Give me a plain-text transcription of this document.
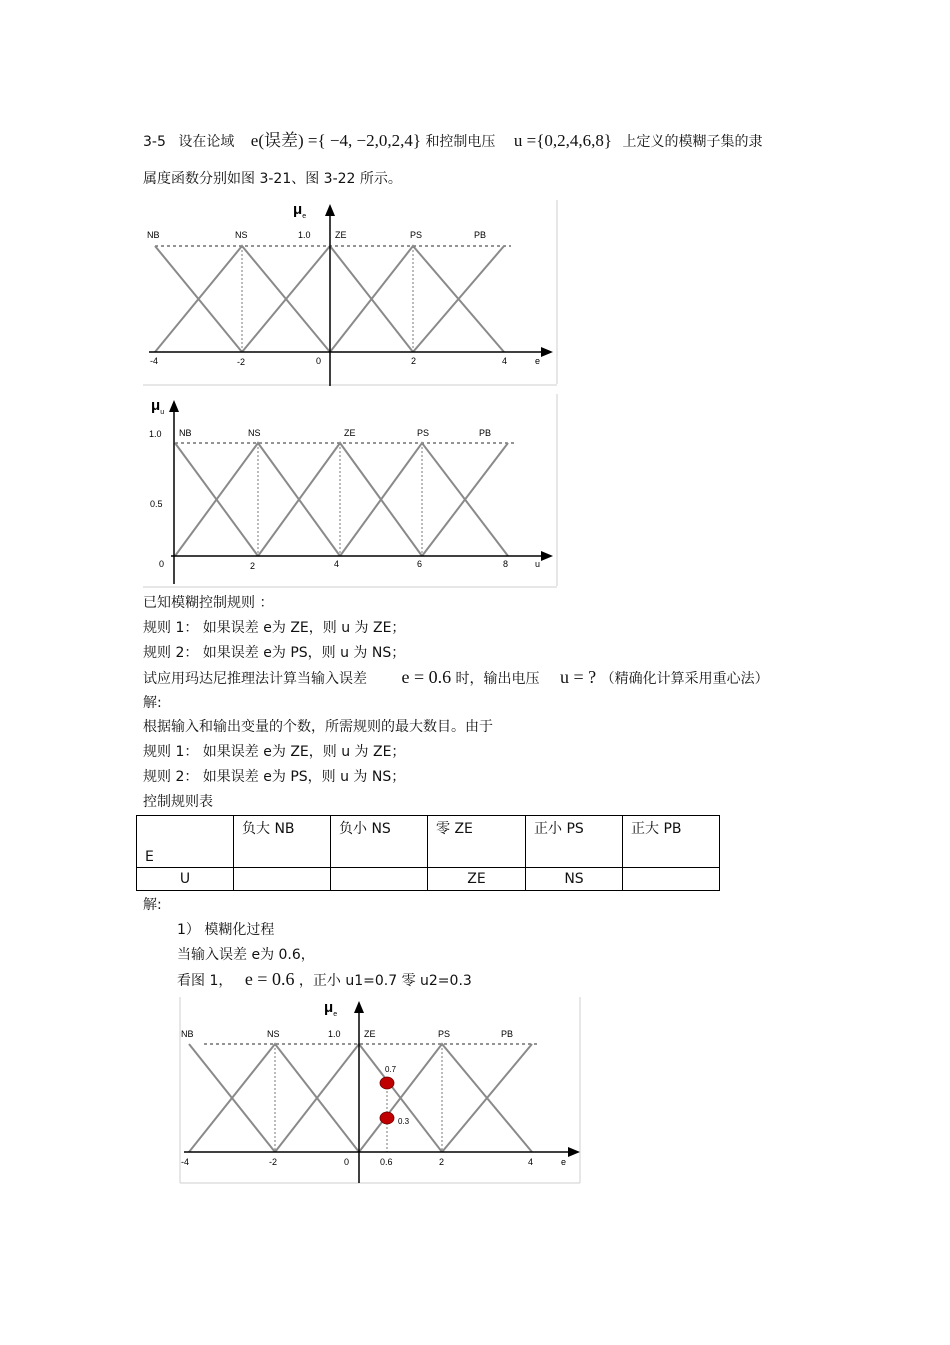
3-5 设在论域 e(误差) ={ −4, −2,0,2,4} 和控制电压 u ={0,2,4,6,8} 上定义的模糊子集的隶
属度函数分别如图 3-21、图 3-22 所示。
$\mu_e$
1.0
NB	NS	ZE	PS	PB
-4	-2	0	2	4	e
$\mu_u$
1.0
0.5
0
NB	NS	ZE	PS	PB
2	4	6	8	u
已知模糊控制规则 ：
规则 1： 如果误差 e为 ZE，则 u 为 ZE；
规则 2： 如果误差 e为 PS，则 u 为 NS；
试应用玛达尼推理法计算当输入误差 e = 0.6 时，输出电压 u = ? （精确化计算采用重心法）
解:
根据输入和输出变量的个数，所需规则的最大数目。由于
规则 1： 如果误差 e为 ZE，则 u 为 ZE；
规则 2： 如果误差 e为 PS，则 u 为 NS；
控制规则表
E	负大 NB	负小 NS	零 ZE	正小 PS	正大 PB
U			ZE	NS	
解:
1） 模糊化过程
当输入误差 e为 0.6，
看图 1， e = 0.6 ，正小 u1=0.7 零 u2=0.3
$\mu_e$
1.0
NB	NS	ZE	PS	PB
-4	-2	0	0.6	2	4	e
0.7
0.3
